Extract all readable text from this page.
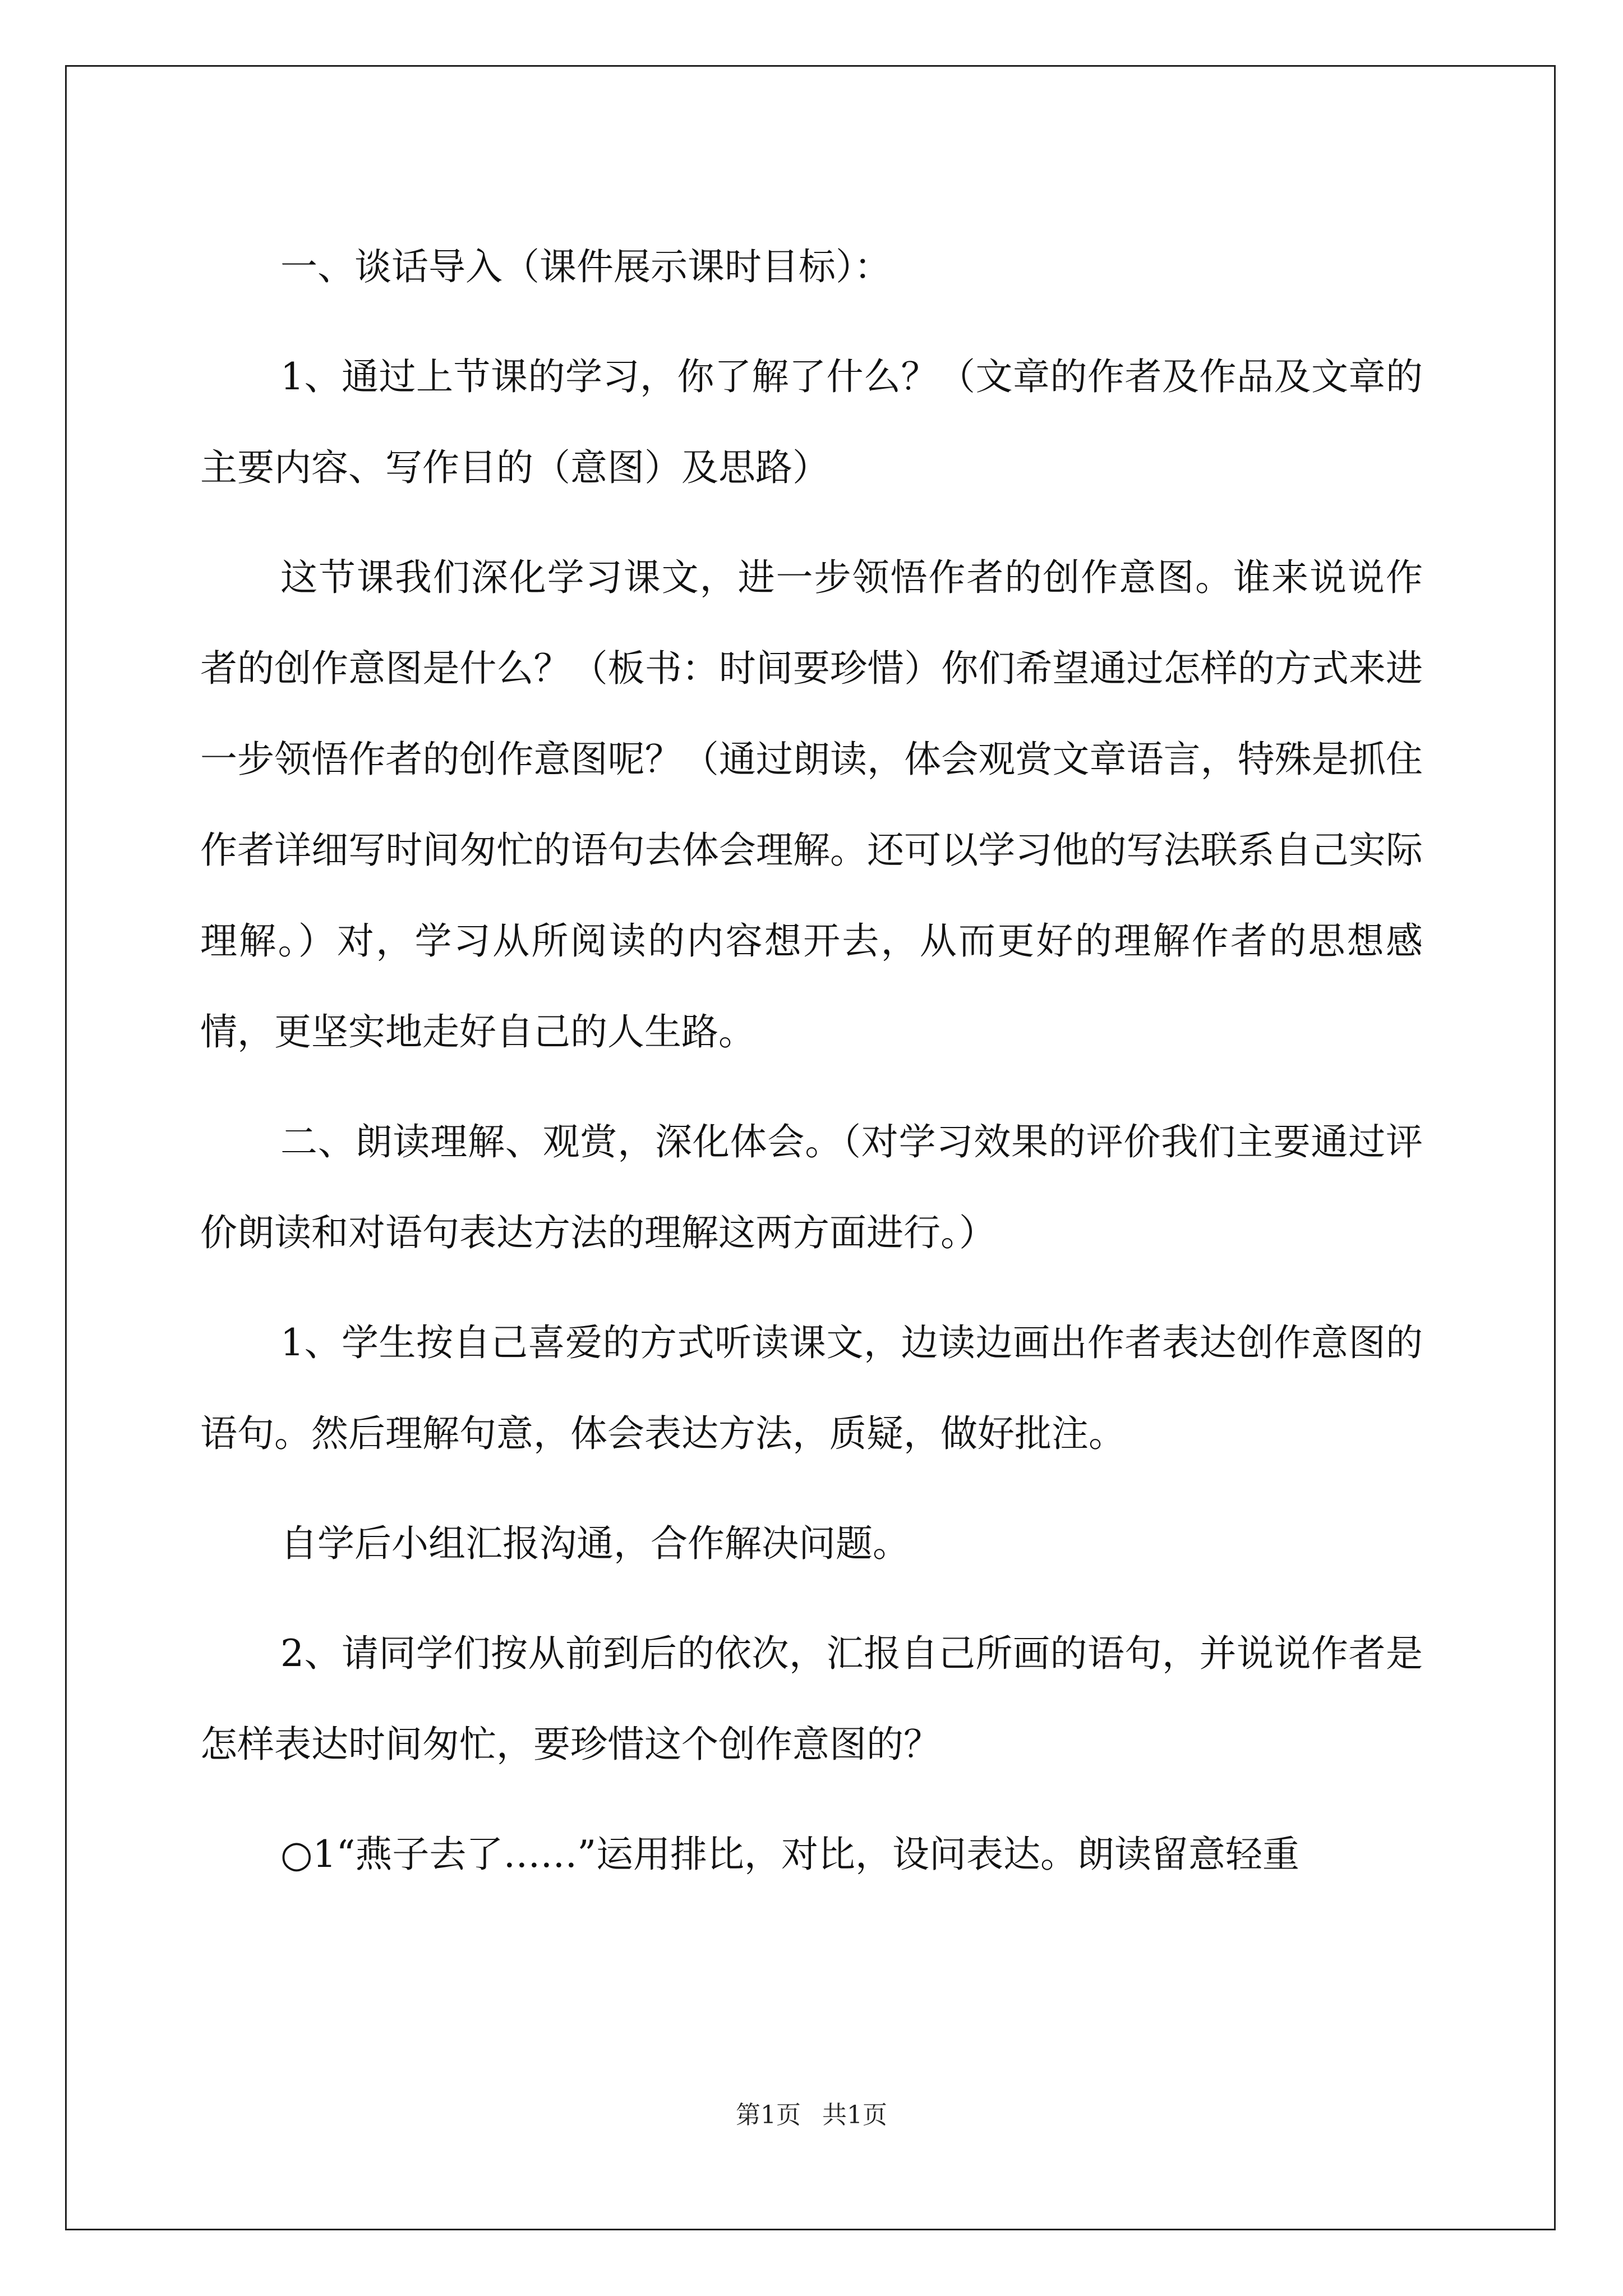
一、谈话导入（课件展示课时目标）：

1、通过上节课的学习，你了解了什么？（文章的作者及作品及文章的主要内容、写作目的（意图）及思路）

这节课我们深化学习课文，进一步领悟作者的创作意图。谁来说说作者的创作意图是什么？（板书：时间要珍惜）你们希望通过怎样的方式来进一步领悟作者的创作意图呢？（通过朗读，体会观赏文章语言，特殊是抓住作者详细写时间匆忙的语句去体会理解。还可以学习他的写法联系自己实际理解。）对，学习从所阅读的内容想开去，从而更好的理解作者的思想感情，更坚实地走好自己的人生路。

二、朗读理解、观赏，深化体会。（对学习效果的评价我们主要通过评价朗读和对语句表达方法的理解这两方面进行。）

1、学生按自己喜爱的方式听读课文，边读边画出作者表达创作意图的语句。然后理解句意，体会表达方法，质疑，做好批注。

自学后小组汇报沟通，合作解决问题。

2、请同学们按从前到后的依次，汇报自己所画的语句，并说说作者是怎样表达时间匆忙，要珍惜这个创作意图的？

○1“燕子去了……”运用排比，对比，设问表达。朗读留意轻重

第1页 共1页
